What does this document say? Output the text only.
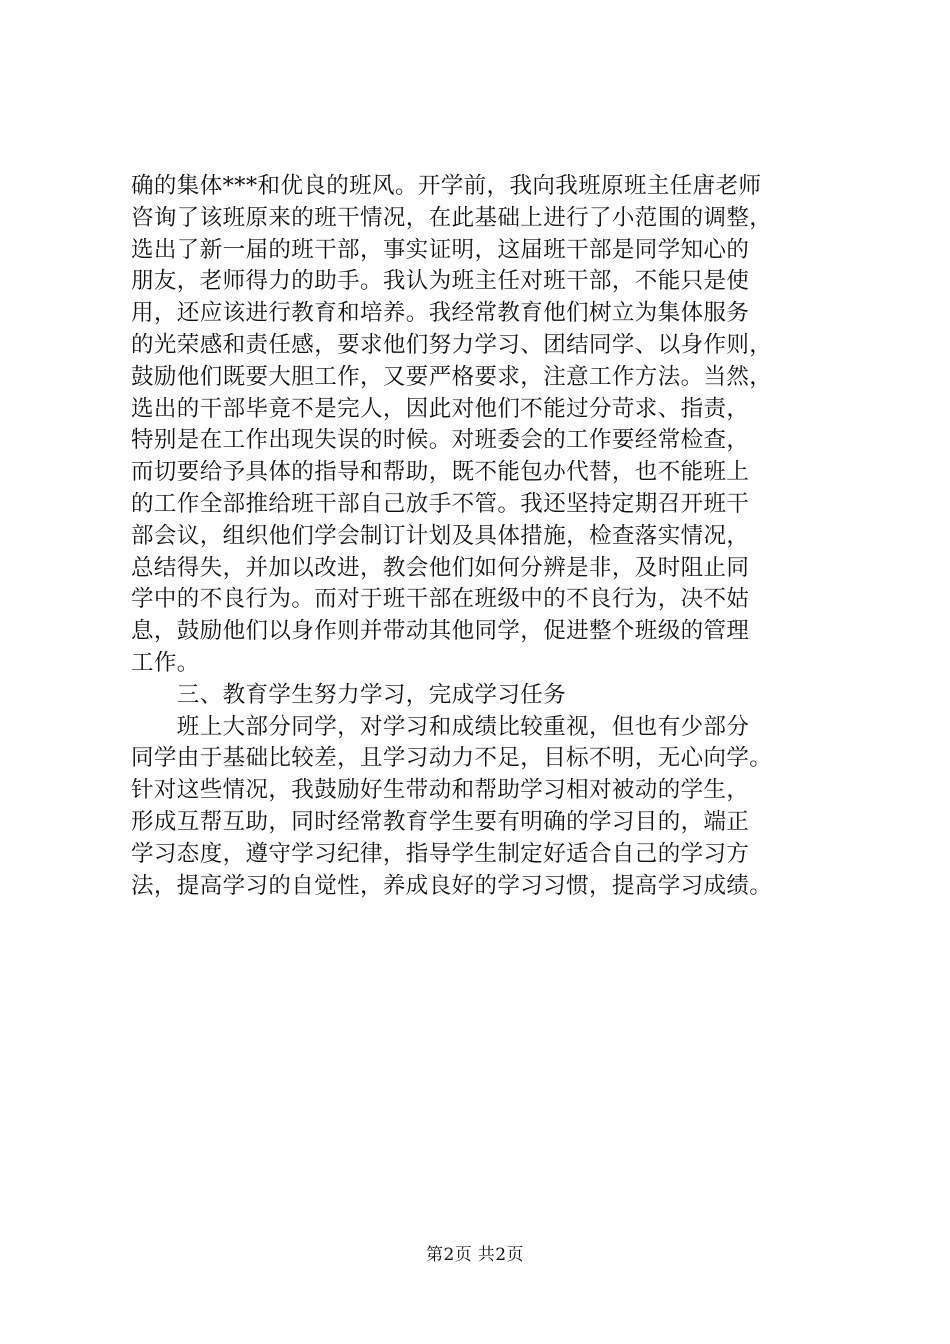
确的集体***和优良的班风。开学前，我向我班原班主任唐老师
咨询了该班原来的班干情况，在此基础上进行了小范围的调整，
选出了新一届的班干部，事实证明，这届班干部是同学知心的
朋友，老师得力的助手。我认为班主任对班干部，不能只是使
用，还应该进行教育和培养。我经常教育他们树立为集体服务
的光荣感和责任感，要求他们努力学习、团结同学、以身作则，
鼓励他们既要大胆工作，又要严格要求，注意工作方法。当然，
选出的干部毕竟不是完人，因此对他们不能过分苛求、指责，
特别是在工作出现失误的时候。对班委会的工作要经常检查，
而切要给予具体的指导和帮助，既不能包办代替，也不能班上
的工作全部推给班干部自己放手不管。我还坚持定期召开班干
部会议，组织他们学会制订计划及具体措施，检查落实情况，
总结得失，并加以改进，教会他们如何分辨是非，及时阻止同
学中的不良行为。而对于班干部在班级中的不良行为，决不姑
息，鼓励他们以身作则并带动其他同学，促进整个班级的管理
工作。
　　三、教育学生努力学习，完成学习任务
　　班上大部分同学，对学习和成绩比较重视，但也有少部分
同学由于基础比较差，且学习动力不足，目标不明，无心向学。
针对这些情况，我鼓励好生带动和帮助学习相对被动的学生，
形成互帮互助，同时经常教育学生要有明确的学习目的，端正
学习态度，遵守学习纪律，指导学生制定好适合自己的学习方
法，提高学习的自觉性，养成良好的学习习惯，提高学习成绩。
第2页 共2页
